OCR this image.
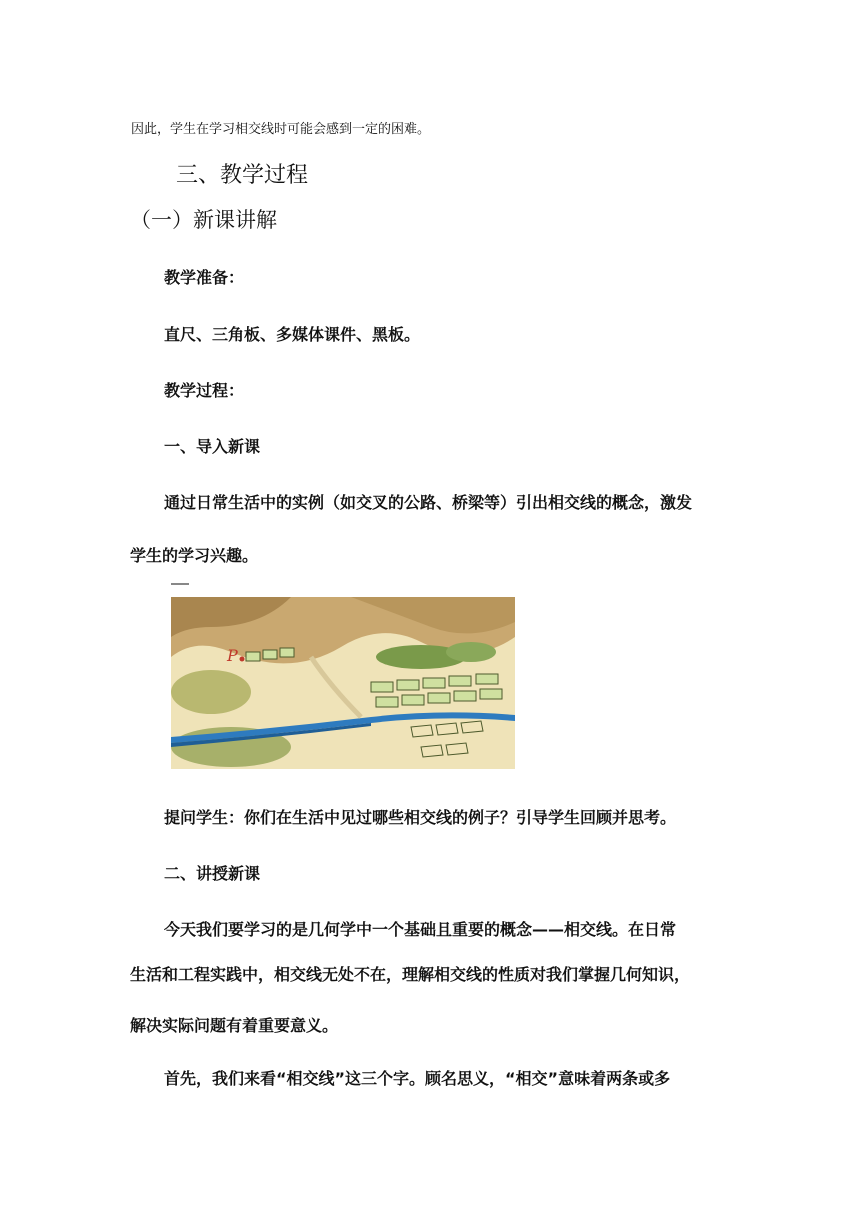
因此，学生在学习相交线时可能会感到一定的困难。
三、教学过程
（一）新课讲解
教学准备：
直尺、三角板、多媒体课件、黑板。
教学过程：
一、导入新课
通过日常生活中的实例（如交叉的公路、桥梁等）引出相交线的概念，激发
学生的学习兴趣。
P
提问学生：你们在生活中见过哪些相交线的例子？引导学生回顾并思考。
二、讲授新课
今天我们要学习的是几何学中一个基础且重要的概念——相交线。在日常
生活和工程实践中，相交线无处不在，理解相交线的性质对我们掌握几何知识，
解决实际问题有着重要意义。
首先，我们来看“相交线”这三个字。顾名思义，“相交”意味着两条或多
